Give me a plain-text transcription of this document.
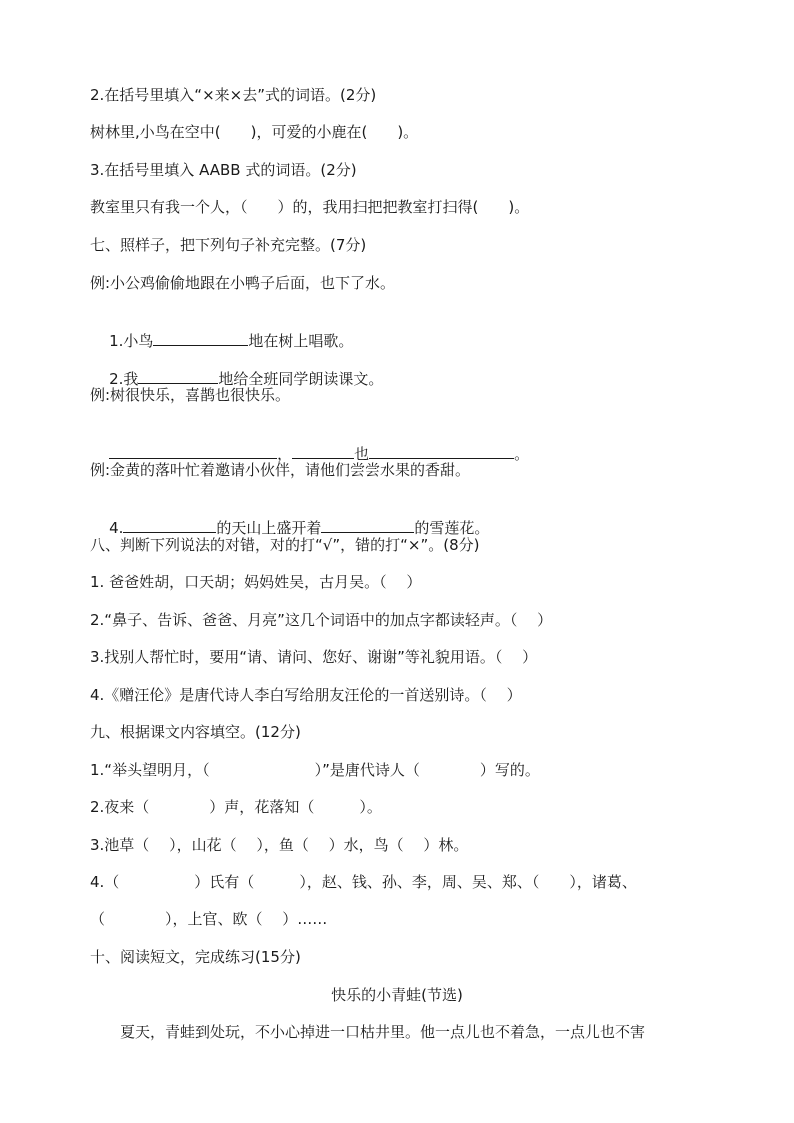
2.在括号里填入“×来×去”式的词语。(2分)
树林里,小鸟在空中(　　)，可爱的小鹿在(　　)。
3.在括号里填入 AABB 式的词语。(2分)
教室里只有我一个人，（　　）的，我用扫把把教室打扫得(　　)。
七、照样子，把下列句子补充完整。(7分)
例:小公鸡偷偷地跟在小鸭子后面，也下了水。

1.小鸟	地在树上唱歌。

2.我	地给全班同学朗读课文。

例:树很快乐，喜鹊也很快乐。

，	也	。

例:金黄的落叶忙着邀请小伙伴，请他们尝尝水果的香甜。

4.	的天山上盛开着	的雪莲花。

八、判断下列说法的对错，对的打“√”，错的打“×”。(8分)
1. 爸爸姓胡，口天胡；妈妈姓吴，古月吴。（　 ）
2.“鼻子、告诉、爸爸、月亮”这几个词语中的加点字都读轻声。（　 ）
3.找别人帮忙时，要用“请、请问、您好、谢谢”等礼貌用语。（　 ）
4.《赠汪伦》是唐代诗人李白写给朋友汪伦的一首送别诗。（　 ）
九、根据课文内容填空。(12分)
1.“举头望明月，（　　　　　　　）”是唐代诗人（　　　　）写的。
2.夜来（　　　　）声，花落知（　　　）。
3.池草（　 ），山花（　 ），鱼（　 ）水，鸟（　 ）林。
4.（　　　　　）氏有（　　　），赵、钱、孙、李，周、吴、郑、（　　），诸葛、
（　　　　），上官、欧（　 ）……
十、阅读短文，完成练习(15分)
快乐的小青蛙(节选)
夏天，青蛙到处玩，不小心掉进一口枯井里。他一点儿也不着急，一点儿也不害
